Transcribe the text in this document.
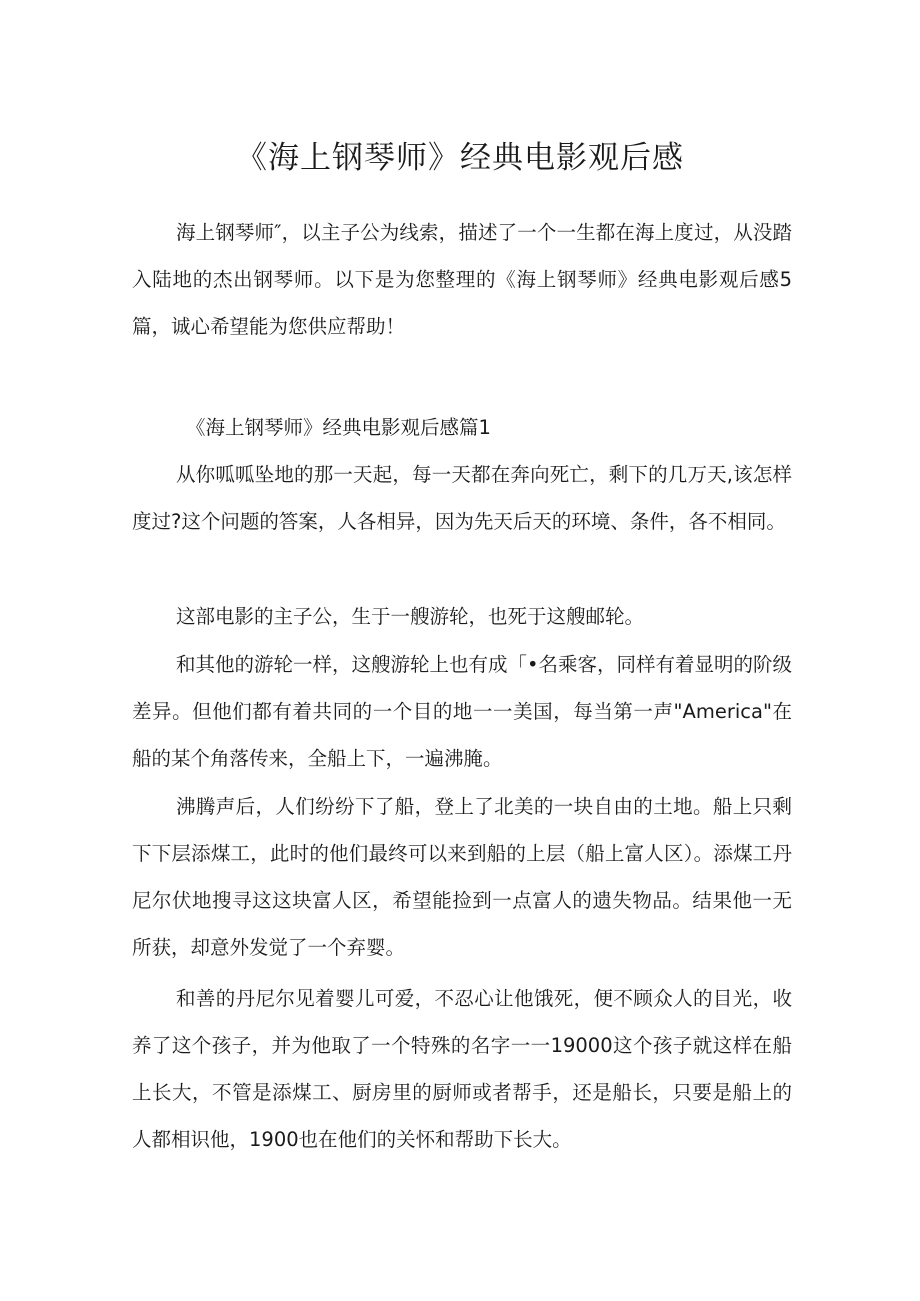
《海上钢琴师》经典电影观后感

海上钢琴师″，以主子公为线索，描述了一个一生都在海上度过，从没踏入陆地的杰出钢琴师。以下是为您整理的《海上钢琴师》经典电影观后感5篇，诚心希望能为您供应帮助！

《海上钢琴师》经典电影观后感篇1

从你呱呱坠地的那一天起，每一天都在奔向死亡，剩下的几万天,该怎样度过?这个问题的答案，人各相异，因为先天后天的环境、条件，各不相同。

这部电影的主子公，生于一艘游轮，也死于这艘邮轮。

和其他的游轮一样，这艘游轮上也有成「•名乘客，同样有着显明的阶级差异。但他们都有着共同的一个目的地一一美国，每当第一声"America"在船的某个角落传来，全船上下，一遍沸腌。

沸腾声后，人们纷纷下了船，登上了北美的一块自由的土地。船上只剩下下层添煤工，此时的他们最终可以来到船的上层（船上富人区）。添煤工丹尼尔伏地搜寻这这块富人区，希望能捡到一点富人的遗失物品。结果他一无所获，却意外发觉了一个弃婴。

和善的丹尼尔见着婴儿可爱，不忍心让他饿死，便不顾众人的目光，收养了这个孩子，并为他取了一个特殊的名字一一19000这个孩子就这样在船上长大，不管是添煤工、厨房里的厨师或者帮手，还是船长，只要是船上的人都相识他，1900也在他们的关怀和帮助下长大。
